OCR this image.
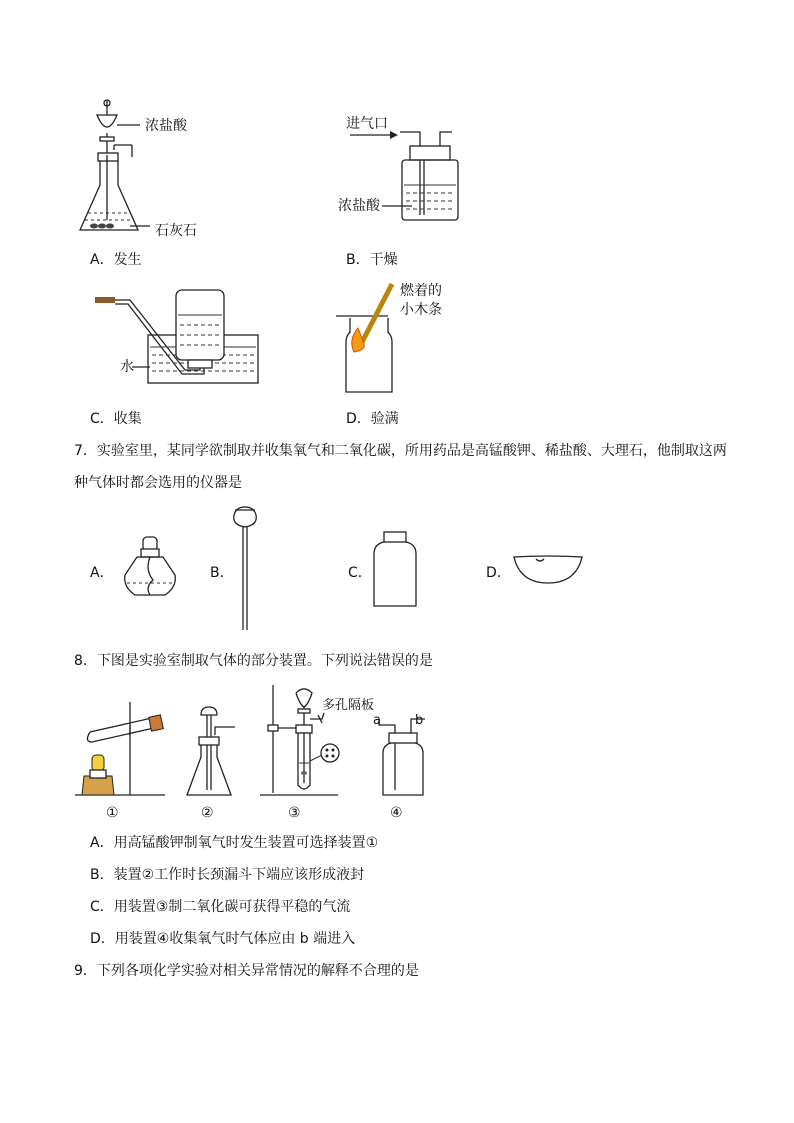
浓盐酸
石灰石
A．发生
进气口
浓盐酸
B．干燥
水
C．收集
燃着的
小木条
D．验满
7．实验室里，某同学欲制取并收集氧气和二氧化碳，所用药品是高锰酸钾、稀盐酸、大理石，他制取这两
种气体时都会选用的仪器是
A．	B．	C．	D．
8．下图是实验室制取气体的部分装置。下列说法错误的是
①	②
多孔隔板
③
a	b
④
A．用高锰酸钾制氧气时发生装置可选择装置①
B．装置②工作时长颈漏斗下端应该形成液封
C．用装置③制二氧化碳可获得平稳的气流
D．用装置④收集氧气时气体应由 b 端进入
9．下列各项化学实验对相关异常情况的解释不合理的是
